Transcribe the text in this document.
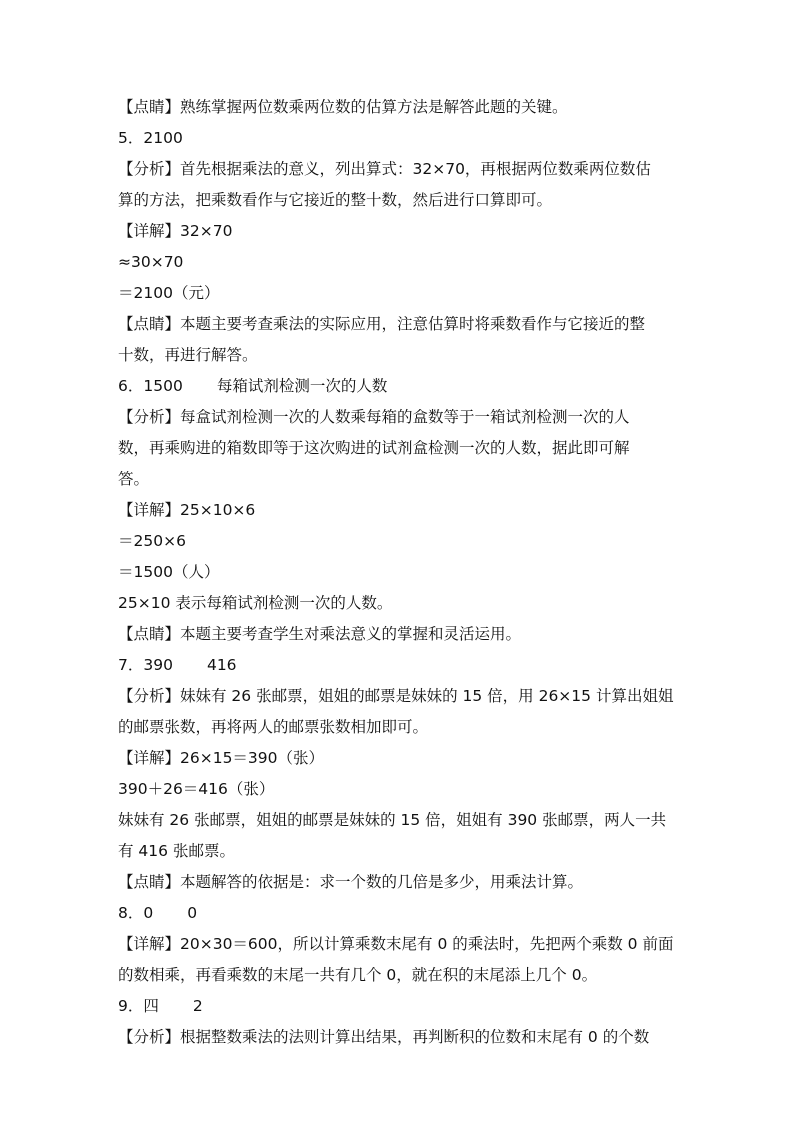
【点睛】熟练掌握两位数乘两位数的估算方法是解答此题的关键。
5．2100
【分析】首先根据乘法的意义，列出算式：32×70，再根据两位数乘两位数估
算的方法，把乘数看作与它接近的整十数，然后进行口算即可。
【详解】32×70
≈30×70
＝2100（元）
【点睛】本题主要考查乘法的实际应用，注意估算时将乘数看作与它接近的整
十数，再进行解答。
6．1500 每箱试剂检测一次的人数
【分析】每盒试剂检测一次的人数乘每箱的盒数等于一箱试剂检测一次的人
数，再乘购进的箱数即等于这次购进的试剂盒检测一次的人数，据此即可解
答。
【详解】25×10×6
＝250×6
＝1500（人）
25×10 表示每箱试剂检测一次的人数。
【点睛】本题主要考查学生对乘法意义的掌握和灵活运用。
7．390 416
【分析】妹妹有 26 张邮票，姐姐的邮票是妹妹的 15 倍，用 26×15 计算出姐姐
的邮票张数，再将两人的邮票张数相加即可。
【详解】26×15＝390（张）
390＋26＝416（张）
妹妹有 26 张邮票，姐姐的邮票是妹妹的 15 倍，姐姐有 390 张邮票，两人一共
有 416 张邮票。
【点睛】本题解答的依据是：求一个数的几倍是多少，用乘法计算。
8．0 0
【详解】20×30＝600，所以计算乘数末尾有 0 的乘法时，先把两个乘数 0 前面
的数相乘，再看乘数的末尾一共有几个 0，就在积的末尾添上几个 0。
9．四 2
【分析】根据整数乘法的法则计算出结果，再判断积的位数和末尾有 0 的个数
